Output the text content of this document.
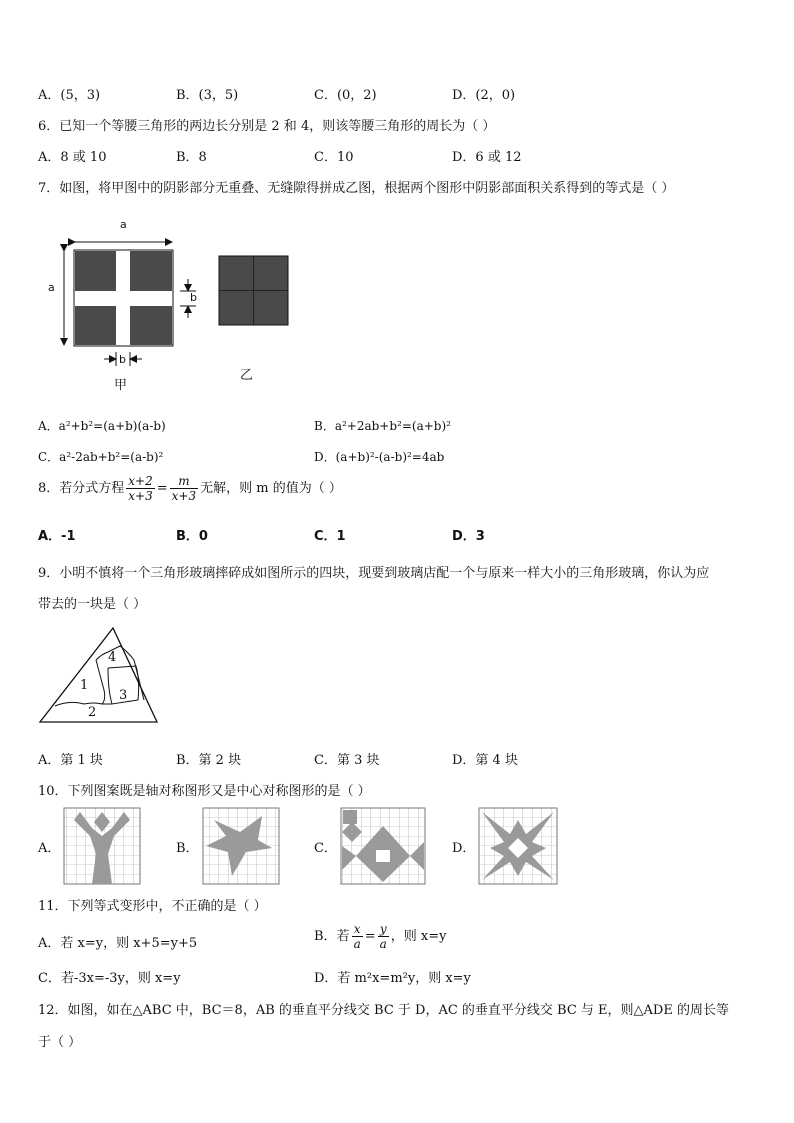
A．(5，3)	B．(3，5)	C．(0，2)	D．(2，0)
6．已知一个等腰三角形的两边长分别是 2 和 4，则该等腰三角形的周长为（ ）
A．8 或 10	B．8	C．10	D．6 或 12
7．如图，将甲图中的阴影部分无重叠、无缝隙得拼成乙图，根据两个图形中阴影部面积关系得到的等式是（ ）
a
a
b
b
甲
乙
A．a²+b²=(a+b)(a-b)	B．a²+2ab+b²=(a+b)²
C．a²-2ab+b²=(a-b)²	D．(a+b)²-(a-b)²=4ab
8．若分式方程 $\frac{x+2}{x+3} = \frac{m}{x+3}$ 无解，则 m 的值为（ ）
A．-1	B．0	C．1	D．3
9．小明不慎将一个三角形玻璃摔碎成如图所示的四块，现要到玻璃店配一个与原来一样大小的三角形玻璃，你认为应
带去的一块是（ ）
1
2
3
4
A．第 1 块	B．第 2 块	C．第 3 块	D．第 4 块
10．下列图案既是轴对称图形又是中心对称图形的是（ ）
A．	B．	C．	D．
11．下列等式变形中，不正确的是（ ）
A．若 x=y，则 x+5=y+5	B．若 $\frac{x}{a} = \frac{y}{a}$ ，则 x=y
C．若-3x=-3y，则 x=y	D．若 m²x=m²y，则 x=y
12．如图，如在△ABC 中，BC＝8，AB 的垂直平分线交 BC 于 D，AC 的垂直平分线交 BC 与 E，则△ADE 的周长等
于（ ）
